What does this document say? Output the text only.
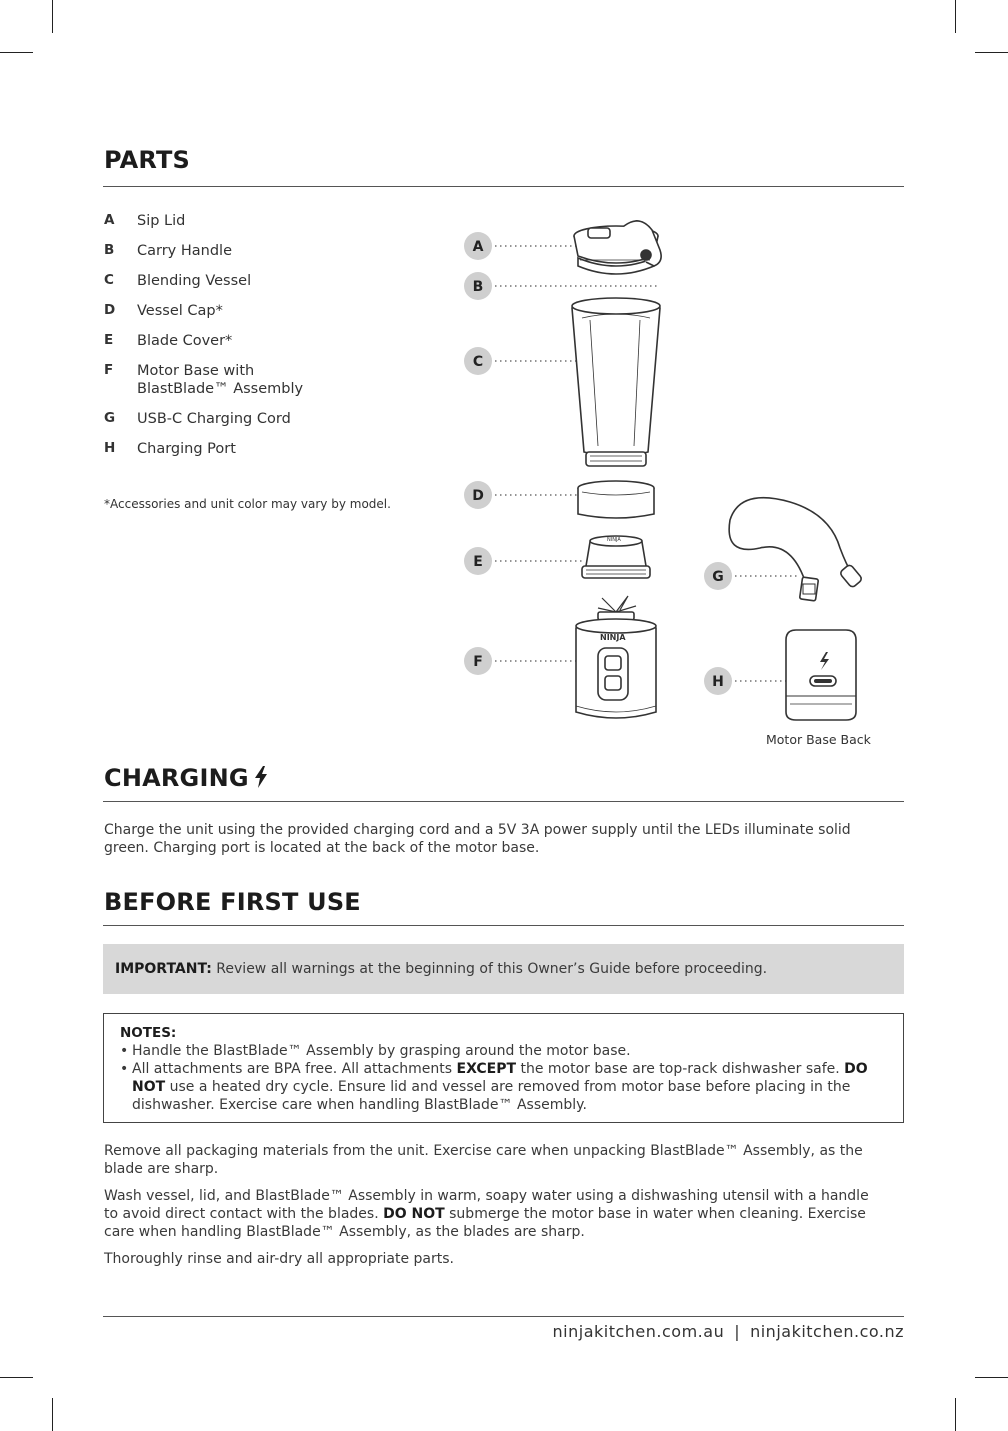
PARTS
A Sip Lid
B Carry Handle
C Blending Vessel
D Vessel Cap*
E Blade Cover*
F Motor Base with
BlastBlade™ Assembly
G USB-C Charging Cord
H Charging Port
*Accessories and unit color may vary by model.
NINJA
NINJA
A
B
C
D
E
F
G
H
Motor Base Back
CHARGING

Charge the unit using the provided charging cord and a 5V 3A power supply until the LEDs illuminate solid green. Charging port is located at the back of the motor base.

BEFORE FIRST USE
IMPORTANT: Review all warnings at the beginning of this Owner’s Guide before proceeding.
NOTES:
• Handle the BlastBlade™ Assembly by grasping around the motor base.
• All attachments are BPA free. All attachments EXCEPT the motor base are top-rack dishwasher safe. DO NOT use a heated dry cycle. Ensure lid and vessel are removed from motor base before placing in the dishwasher. Exercise care when handling BlastBlade™ Assembly.

Remove all packaging materials from the unit. Exercise care when unpacking BlastBlade™ Assembly, as the blade are sharp.

Wash vessel, lid, and BlastBlade™ Assembly in warm, soapy water using a dishwashing utensil with a handle to avoid direct contact with the blades. DO NOT submerge the motor base in water when cleaning. Exercise care when handling BlastBlade™ Assembly, as the blades are sharp.

Thoroughly rinse and air-dry all appropriate parts.

ninjakitchen.com.au | ninjakitchen.co.nz
